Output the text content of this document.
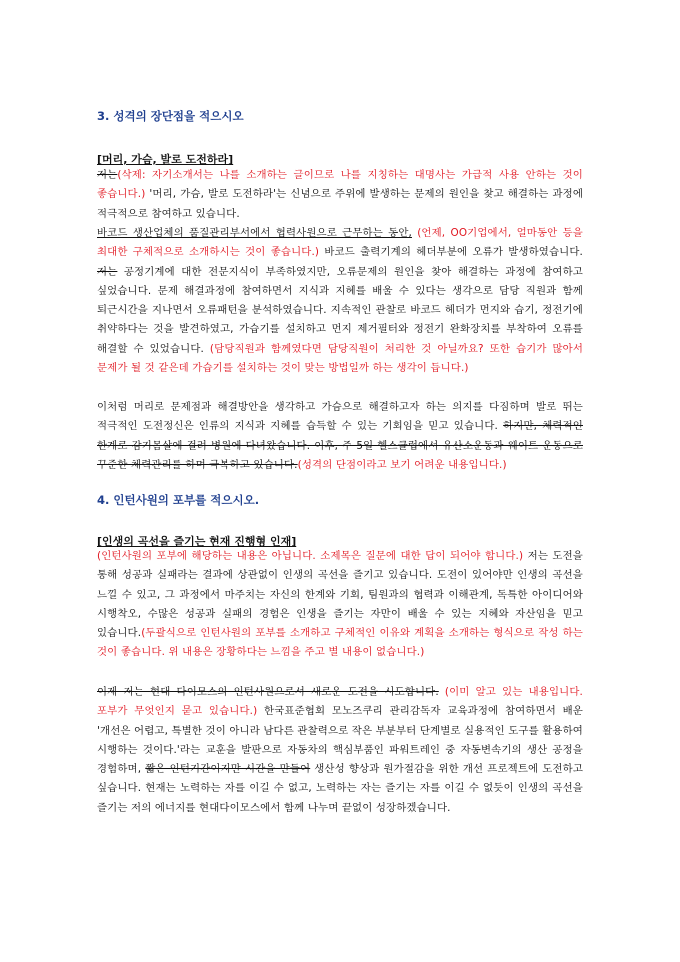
3. 성격의 장단점을 적으시오
[머리, 가슴, 발로 도전하라]
저는(삭제: 자기소개서는 나를 소개하는 글이므로 나를 지칭하는 대명사는 가급적 사용 안하는 것이 좋습니다.) '머리, 가슴, 발로 도전하라'는 신념으로 주위에 발생하는 문제의 원인을 찾고 해결하는 과정에 적극적으로 참여하고 있습니다.
바코드 생산업체의 품질관리부서에서 협력사원으로 근무하는 동안, (언제, OO기업에서, 얼마동안 등을 최대한 구체적으로 소개하시는 것이 좋습니다.) 바코드 출력기계의 헤더부분에 오류가 발생하였습니다. 저는 공정기계에 대한 전문지식이 부족하였지만, 오류문제의 원인을 찾아 해결하는 과정에 참여하고 싶었습니다. 문제 해결과정에 참여하면서 지식과 지혜를 배울 수 있다는 생각으로 담당 직원과 함께 퇴근시간을 지나면서 오류패턴을 분석하였습니다. 지속적인 관찰로 바코드 헤더가 먼지와 습기, 정전기에 취약하다는 것을 발견하였고, 가습기를 설치하고 먼지 제거필터와 정전기 완화장치를 부착하여 오류를 해결할 수 있었습니다. (담당직원과 함께였다면 담당직원이 처리한 것 아닐까요? 또한 습기가 많아서 문제가 될 것 같은데 가습기를 설치하는 것이 맞는 방법일까 하는 생각이 듭니다.)
이처럼 머리로 문제점과 해결방안을 생각하고 가슴으로 해결하고자 하는 의지를 다짐하며 발로 뛰는 적극적인 도전정신은 인류의 지식과 지혜를 습득할 수 있는 기회임을 믿고 있습니다. 하지만, 체력적인 한계로 감기몸살에 걸려 병원에 다녀왔습니다. 이후, 주 5일 헬스클럽에서 유산소운동과 웨이트 운동으로 꾸준한 체력관리를 하며 극복하고 있습니다.(성격의 단점이라고 보기 어려운 내용입니다.)
4. 인턴사원의 포부를 적으시오.
[인생의 곡선을 즐기는 현재 진행형 인재]
(인턴사원의 포부에 해당하는 내용은 아닙니다. 소제목은 질문에 대한 답이 되어야 합니다.) 저는 도전을 통해 성공과 실패라는 결과에 상관없이 인생의 곡선을 즐기고 있습니다. 도전이 있어야만 인생의 곡선을 느낄 수 있고, 그 과정에서 마주치는 자신의 한계와 기회, 팀원과의 협력과 이해관계, 독특한 아이디어와 시행착오, 수많은 성공과 실패의 경험은 인생을 즐기는 자만이 배울 수 있는 지혜와 자산임을 믿고 있습니다.(두괄식으로 인턴사원의 포부를 소개하고 구체적인 이유와 계획을 소개하는 형식으로 작성 하는 것이 좋습니다. 위 내용은 장황하다는 느낌을 주고 별 내용이 없습니다.)
이제 저는 현대 다이모스의 인턴사원으로서 새로운 도전을 시도합니다. (이미 알고 있는 내용입니다. 포부가 무엇인지 묻고 있습니다.) 한국표준협회 모노즈쿠리 관리감독자 교육과정에 참여하면서 배운 '개선은 어렵고, 특별한 것이 아니라 남다른 관찰력으로 작은 부분부터 단계별로 실용적인 도구를 활용하여 시행하는 것이다.'라는 교훈을 발판으로 자동차의 핵심부품인 파워트레인 중 자동변속기의 생산 공정을 경험하며, 짧은 인턴기간이지만 시간을 만들어 생산성 향상과 원가절감을 위한 개선 프로젝트에 도전하고 싶습니다. 현재는 노력하는 자를 이길 수 없고, 노력하는 자는 즐기는 자를 이길 수 없듯이 인생의 곡선을 즐기는 저의 에너지를 현대다이모스에서 함께 나누며 끝없이 성장하겠습니다.
